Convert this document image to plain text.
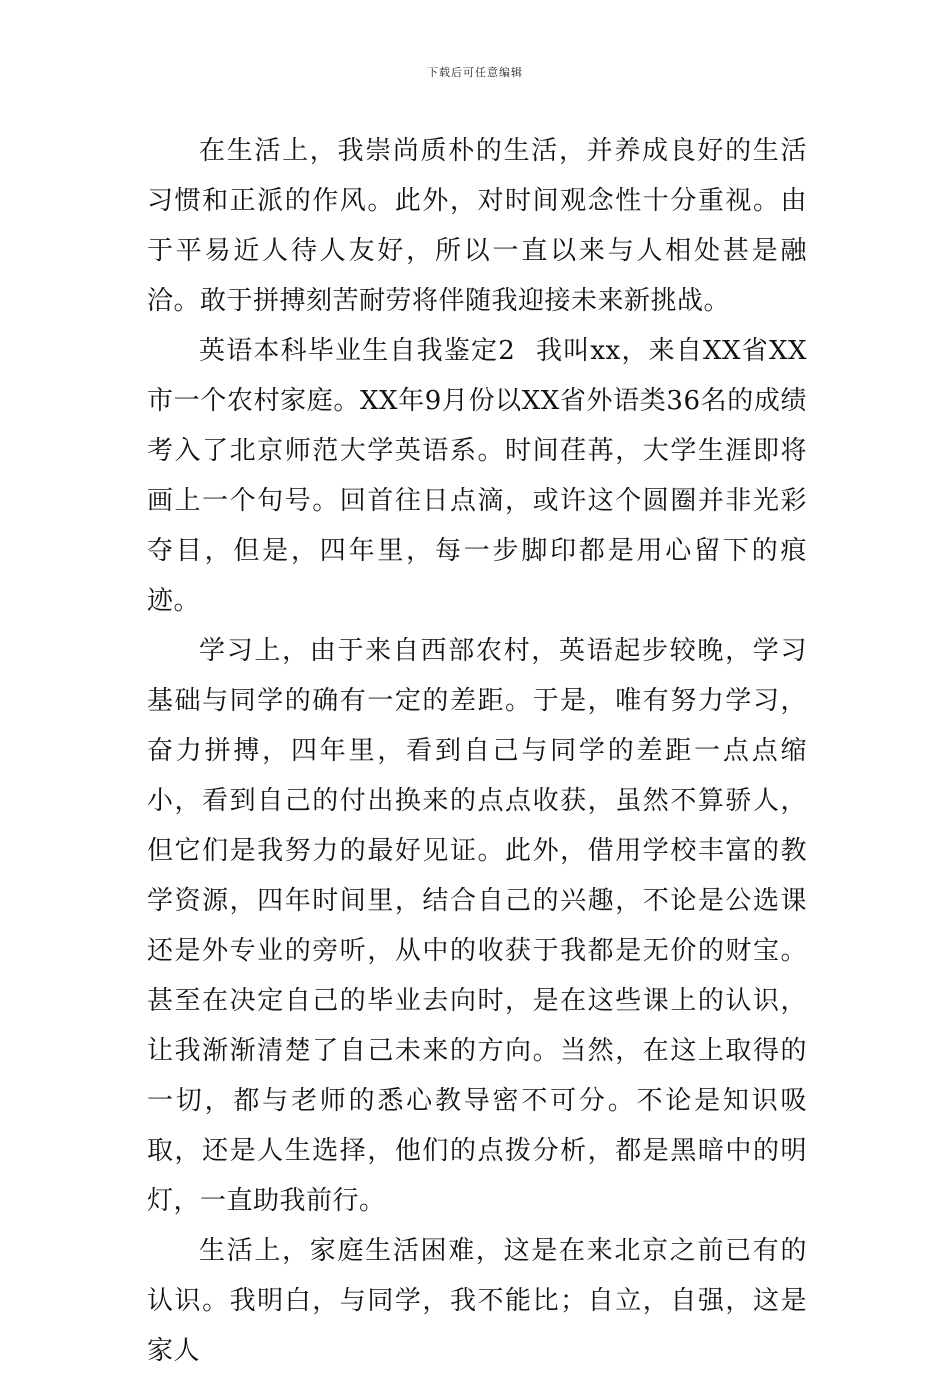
下载后可任意编辑

在生活上，我崇尚质朴的生活，并养成良好的生活习惯和正派的作风。此外，对时间观念性十分重视。由于平易近人待人友好，所以一直以来与人相处甚是融洽。敢于拼搏刻苦耐劳将伴随我迎接未来新挑战。

英语本科毕业生自我鉴定2 我叫xx，来自XX省XX市一个农村家庭。XX年9月份以XX省外语类36名的成绩考入了北京师范大学英语系。时间荏苒，大学生涯即将画上一个句号。回首往日点滴，或许这个圆圈并非光彩夺目，但是，四年里，每一步脚印都是用心留下的痕迹。

学习上，由于来自西部农村，英语起步较晚，学习基础与同学的确有一定的差距。于是，唯有努力学习，奋力拼搏，四年里，看到自己与同学的差距一点点缩小，看到自己的付出换来的点点收获，虽然不算骄人，但它们是我努力的最好见证。此外，借用学校丰富的教学资源，四年时间里，结合自己的兴趣，不论是公选课还是外专业的旁听，从中的收获于我都是无价的财宝。甚至在决定自己的毕业去向时，是在这些课上的认识，让我渐渐清楚了自己未来的方向。当然，在这上取得的一切，都与老师的悉心教导密不可分。不论是知识吸取，还是人生选择，他们的点拨分析，都是黑暗中的明灯，一直助我前行。

生活上，家庭生活困难，这是在来北京之前已有的认识。我明白，与同学，我不能比；自立，自强，这是家人
